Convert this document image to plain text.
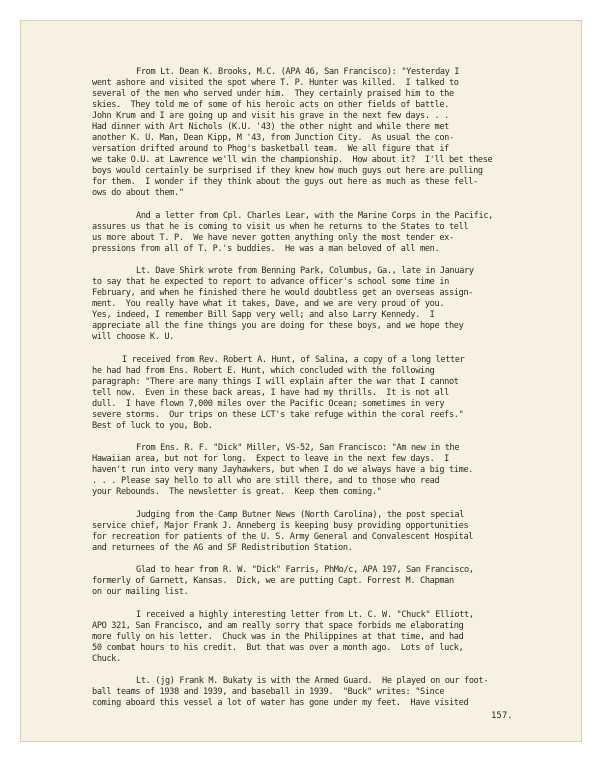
From Lt. Dean K. Brooks, M.C. (APA 46, San Francisco): "Yesterday I
went ashore and visited the spot where T. P. Hunter was killed.  I talked to
several of the men who served under him.  They certainly praised him to the
skies.  They told me of some of his heroic acts on other fields of battle.
John Krum and I are going up and visit his grave in the next few days. . .
Had dinner with Art Nichols (K.U. '43) the other night and while there met
another K. U. Man, Dean Kipp, M '43, from Junction City.  As usual the con-
versation drifted around to Phog's basketball team.  We all figure that if
we take O.U. at Lawrence we'll win the championship.  How about it?  I'll bet these
boys would certainly be surprised if they knew how much guys out here are pulling
for them.  I wonder if they think about the guys out here as much as these fell-
ows do about them."
And a letter from Cpl. Charles Lear, with the Marine Corps in the Pacific,
assures us that he is coming to visit us when he returns to the States to tell
us more about T. P.  We have never gotten anything only the most tender ex-
pressions from all of T. P.'s buddies.  He was a man beloved of all men.
Lt. Dave Shirk wrote from Benning Park, Columbus, Ga., late in January
to say that he expected to report to advance officer's school some time in
February, and when he finished there he would doubtless get an overseas assign-
ment.  You really have what it takes, Dave, and we are very proud of you.
Yes, indeed, I remember Bill Sapp very well; and also Larry Kennedy.  I
appreciate all the fine things you are doing for these boys, and we hope they
will choose K. U.
I received from Rev. Robert A. Hunt, of Salina, a copy of a long letter
he had had from Ens. Robert E. Hunt, which concluded with the following
paragraph: "There are many things I will explain after the war that I cannot
tell now.  Even in these back areas, I have had my thrills.  It is not all
dull.  I have flown 7,000 miles over the Pacific Ocean; sometimes in very
severe storms.  Our trips on these LCT's take refuge within the coral reefs."
Best of luck to you, Bob.
From Ens. R. F. "Dick" Miller, VS-52, San Francisco: "Am new in the
Hawaiian area, but not for long.  Expect to leave in the next few days.  I
haven't run into very many Jayhawkers, but when I do we always have a big time.
. . . Please say hello to all who are still there, and to those who read
your Rebounds.  The newsletter is great.  Keep them coming."
Judging from the Camp Butner News (North Carolina), the post special
service chief, Major Frank J. Anneberg is keeping busy providing opportunities
for recreation for patients of the U. S. Army General and Convalescent Hospital
and returnees of the AG and SF Redistribution Station.
Glad to hear from R. W. "Dick" Farris, PhMo/c, APA 197, San Francisco,
formerly of Garnett, Kansas.  Dick, we are putting Capt. Forrest M. Chapman
on our mailing list.
I received a highly interesting letter from Lt. C. W. "Chuck" Elliott,
APO 321, San Francisco, and am really sorry that space forbids me elaborating
more fully on his letter.  Chuck was in the Philippines at that time, and had
50 combat hours to his credit.  But that was over a month ago.  Lots of luck,
Chuck.
Lt. (jg) Frank M. Bukaty is with the Armed Guard.  He played on our foot-
ball teams of 1938 and 1939, and baseball in 1939.  "Buck" writes: "Since
coming aboard this vessel a lot of water has gone under my feet.  Have visited
157.
